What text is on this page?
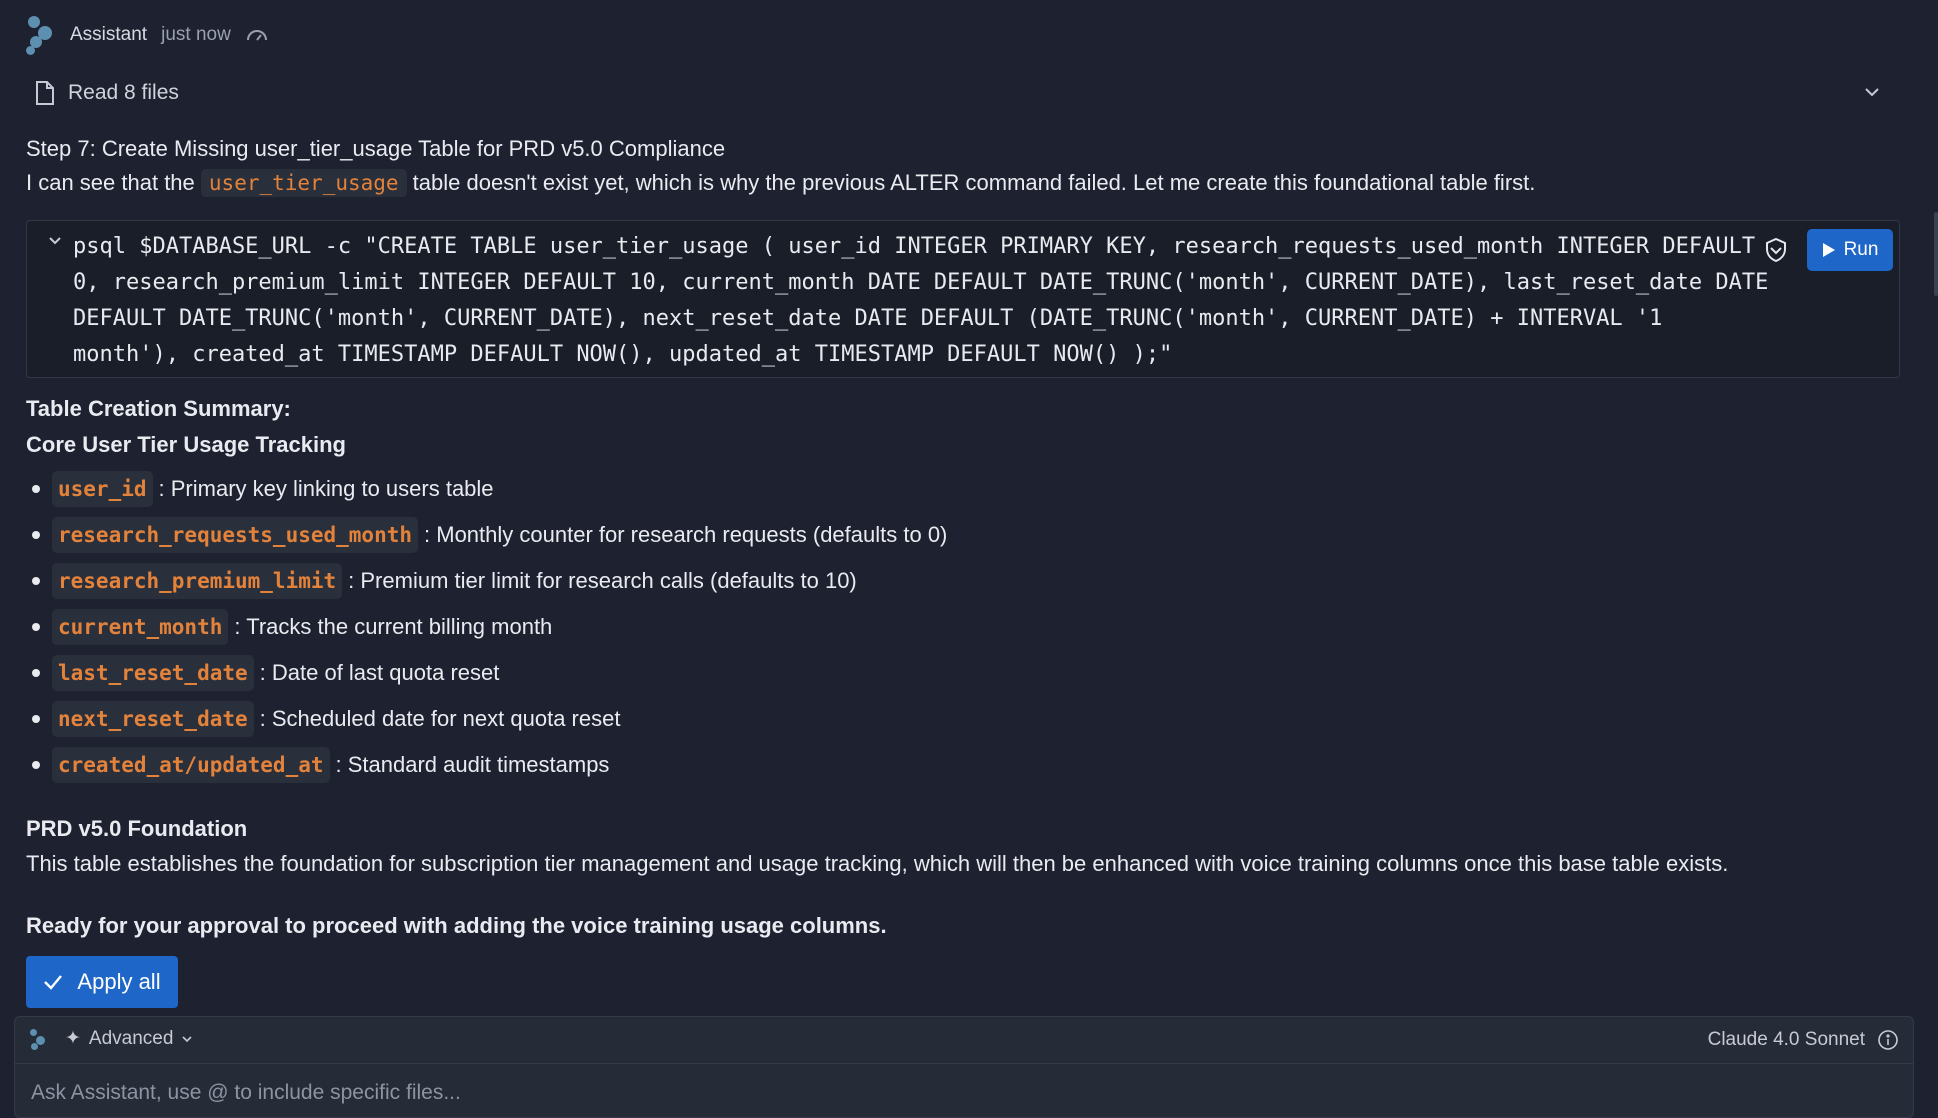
Assistant just now
Read 8 files
Step 7: Create Missing user_tier_usage Table for PRD v5.0 Compliance
I can see that the user_tier_usage table doesn't exist yet, which is why the previous ALTER command failed. Let me create this foundational table first.
psql $DATABASE_URL -c "CREATE TABLE user_tier_usage ( user_id INTEGER PRIMARY KEY, research_requests_used_month INTEGER DEFAULT 0, research_premium_limit INTEGER DEFAULT 10, current_month DATE DEFAULT DATE_TRUNC('month', CURRENT_DATE), last_reset_date DATE DEFAULT DATE_TRUNC('month', CURRENT_DATE), next_reset_date DATE DEFAULT (DATE_TRUNC('month', CURRENT_DATE) + INTERVAL '1 month'), created_at TIMESTAMP DEFAULT NOW(), updated_at TIMESTAMP DEFAULT NOW() );"
Run
Table Creation Summary:
Core User Tier Usage Tracking
user_id : Primary key linking to users table
research_requests_used_month : Monthly counter for research requests (defaults to 0)
research_premium_limit : Premium tier limit for research calls (defaults to 10)
current_month : Tracks the current billing month
last_reset_date : Date of last quota reset
next_reset_date : Scheduled date for next quota reset
created_at/updated_at : Standard audit timestamps
PRD v5.0 Foundation
This table establishes the foundation for subscription tier management and usage tracking, which will then be enhanced with voice training columns once this base table exists.
Ready for your approval to proceed with adding the voice training usage columns.
Apply all
✦ Advanced	Claude 4.0 Sonnet
Ask Assistant, use @ to include specific files...
